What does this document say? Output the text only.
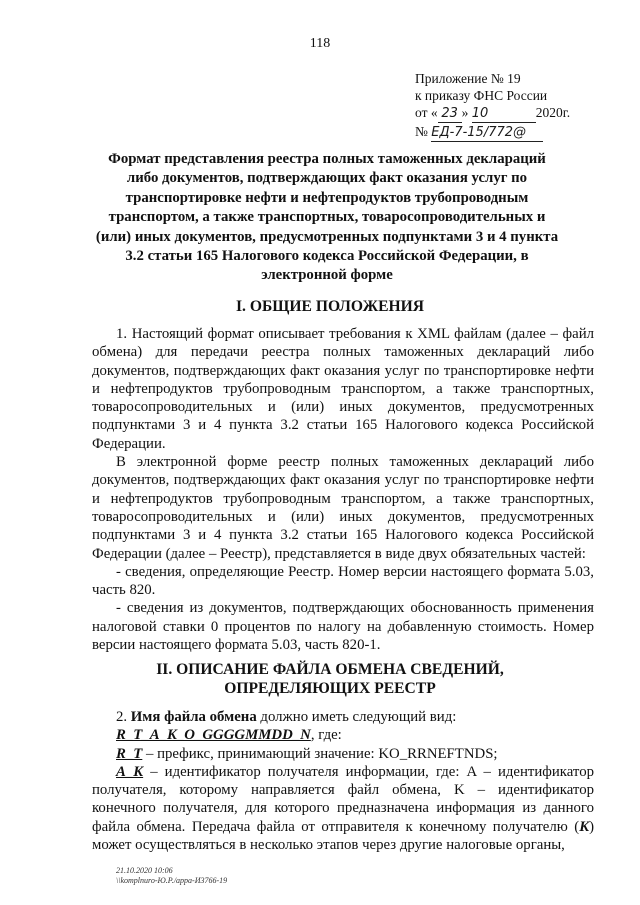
118
Приложение № 19
к приказу ФНС России
от « 23 » 10	2020г.
№ ЕД-7-15/772@
Формат представления реестра полных таможенных деклараций либо документов, подтверждающих факт оказания услуг по транспортировке нефти и нефтепродуктов трубопроводным транспортом, а также транспортных, товаросопроводительных и (или) иных документов, предусмотренных подпунктами 3 и 4 пункта 3.2 статьи 165 Налогового кодекса Российской Федерации, в электронной форме
I. ОБЩИЕ ПОЛОЖЕНИЯ

1. Настоящий формат описывает требования к XML файлам (далее – файл обмена) для передачи реестра полных таможенных деклараций либо документов, подтверждающих факт оказания услуг по транспортировке нефти и нефтепродуктов трубопроводным транспортом, а также транспортных, товаросопроводительных и (или) иных документов, предусмотренных подпунктами 3 и 4 пункта 3.2 статьи 165 Налогового кодекса Российской Федерации.

В электронной форме реестр полных таможенных деклараций либо документов, подтверждающих факт оказания услуг по транспортировке нефти и нефтепродуктов трубопроводным транспортом, а также транспортных, товаросопроводительных и (или) иных документов, предусмотренных подпунктами 3 и 4 пункта 3.2 статьи 165 Налогового кодекса Российской Федерации (далее – Реестр), представляется в виде двух обязательных частей:

- сведения, определяющие Реестр. Номер версии настоящего формата 5.03, часть 820.

- сведения из документов, подтверждающих обоснованность применения налоговой ставки 0 процентов по налогу на добавленную стоимость. Номер версии настоящего формата 5.03, часть 820-1.

II. ОПИСАНИЕ ФАЙЛА ОБМЕНА СВЕДЕНИЙ, ОПРЕДЕЛЯЮЩИХ РЕЕСТР

2. Имя файла обмена должно иметь следующий вид:

R_T_A_K_O_GGGGMMDD_N, где:

R_T – префикс, принимающий значение: KO_RRNEFTNDS;

A_K – идентификатор получателя информации, где: A – идентификатор получателя, которому направляется файл обмена, K – идентификатор конечного получателя, для которого предназначена информация из данного файла обмена. Передача файла от отправителя к конечному получателю (K) может осуществляться в несколько этапов через другие налоговые органы,

21.10.2020 10:06
\\komplnuro-Ю.Р./appa-И3766-19
